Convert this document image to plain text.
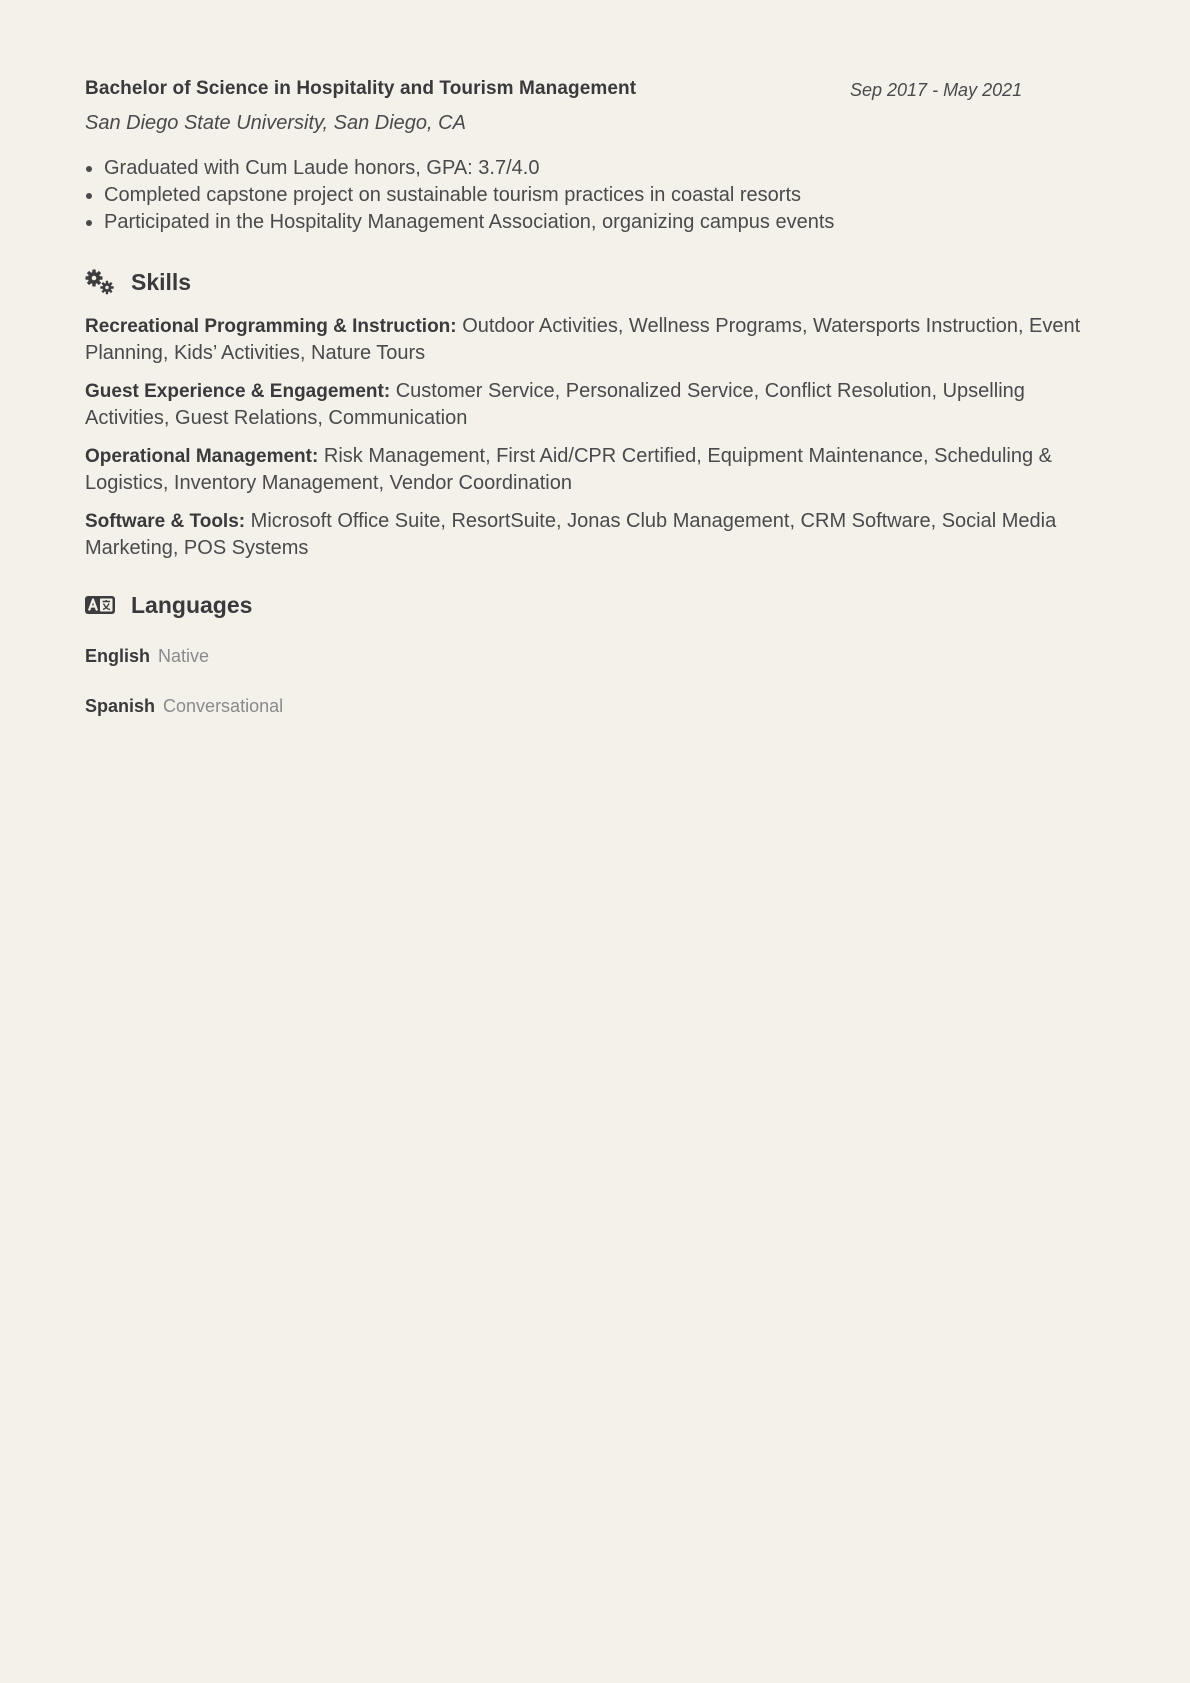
Bachelor of Science in Hospitality and Tourism Management	Sep 2017 - May 2021
San Diego State University, San Diego, CA
• Graduated with Cum Laude honors, GPA: 3.7/4.0
• Completed capstone project on sustainable tourism practices in coastal resorts
• Participated in the Hospitality Management Association, organizing campus events
Skills
Recreational Programming & Instruction: Outdoor Activities, Wellness Programs, Watersports Instruction, Event Planning, Kids’ Activities, Nature Tours
Guest Experience & Engagement: Customer Service, Personalized Service, Conflict Resolution, Upselling Activities, Guest Relations, Communication
Operational Management: Risk Management, First Aid/CPR Certified, Equipment Maintenance, Scheduling & Logistics, Inventory Management, Vendor Coordination
Software & Tools: Microsoft Office Suite, ResortSuite, Jonas Club Management, CRM Software, Social Media Marketing, POS Systems
Languages
English Native
Spanish Conversational
